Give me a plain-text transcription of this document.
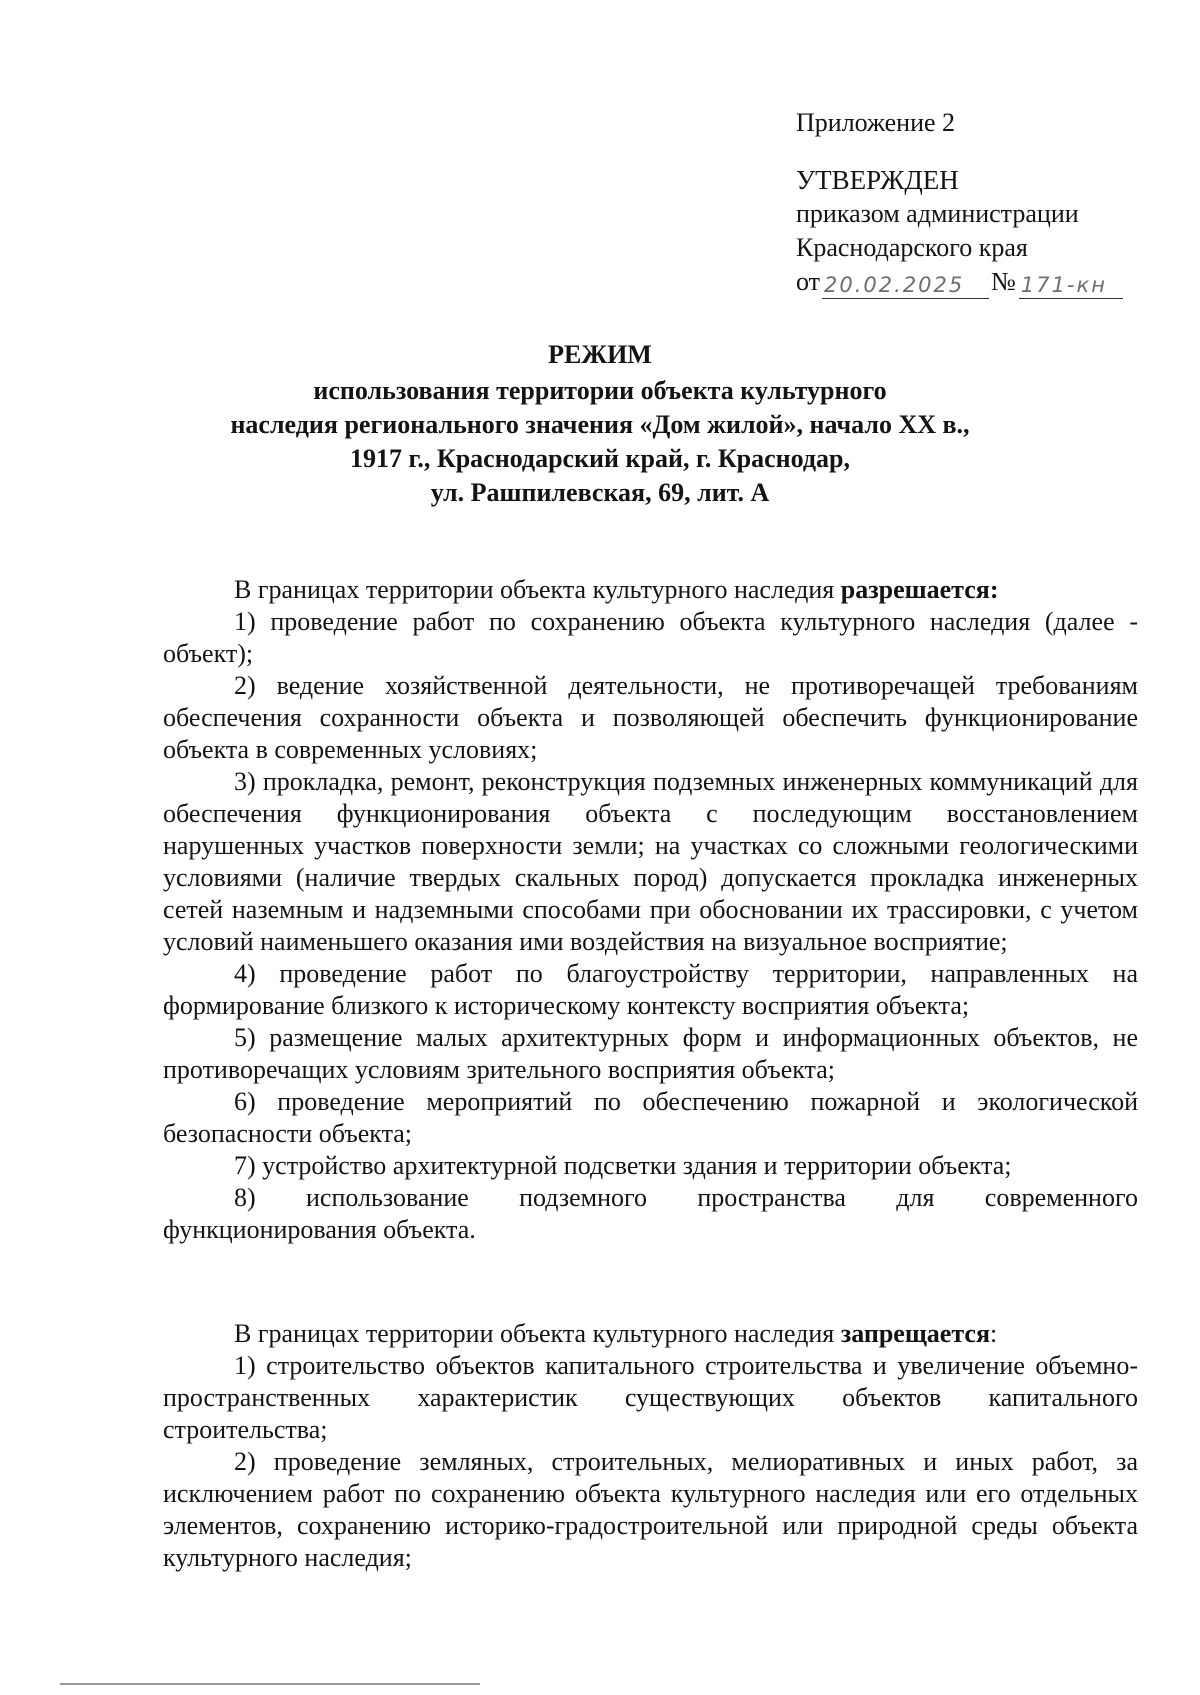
Приложение 2
УТВЕРЖДЕН
приказом администрации
Краснодарского края
от 20.02.2025	№ 171-кн
РЕЖИМ
использования территории объекта культурного
наследия регионального значения «Дом жилой», начало XX в.,
1917 г., Краснодарский край, г. Краснодар,
ул. Рашпилевская, 69, лит. А

В границах территории объекта культурного наследия разрешается:

1) проведение работ по сохранению объекта культурного наследия (далее - объект);

2) ведение хозяйственной деятельности, не противоречащей требованиям обеспечения сохранности объекта и позволяющей обеспечить функционирование объекта в современных условиях;

3) прокладка, ремонт, реконструкция подземных инженерных коммуникаций для обеспечения функционирования объекта с последующим восстановлением нарушенных участков поверхности земли; на участках со сложными геологическими условиями (наличие твердых скальных пород) допускается прокладка инженерных сетей наземным и надземными способами при обосновании их трассировки, с учетом условий наименьшего оказания ими воздействия на визуальное восприятие;

4) проведение работ по благоустройству территории, направленных на формирование близкого к историческому контексту восприятия объекта;

5) размещение малых архитектурных форм и информационных объектов, не противоречащих условиям зрительного восприятия объекта;

6) проведение мероприятий по обеспечению пожарной и экологической безопасности объекта;

7) устройство архитектурной подсветки здания и территории объекта;

8) использование подземного пространства для современного функционирования объекта.

В границах территории объекта культурного наследия запрещается:

1) строительство объектов капитального строительства и увеличение объемно-пространственных характеристик существующих объектов капитального строительства;

2) проведение земляных, строительных, мелиоративных и иных работ, за исключением работ по сохранению объекта культурного наследия или его отдельных элементов, сохранению историко-градостроительной или природной среды объекта культурного наследия;
